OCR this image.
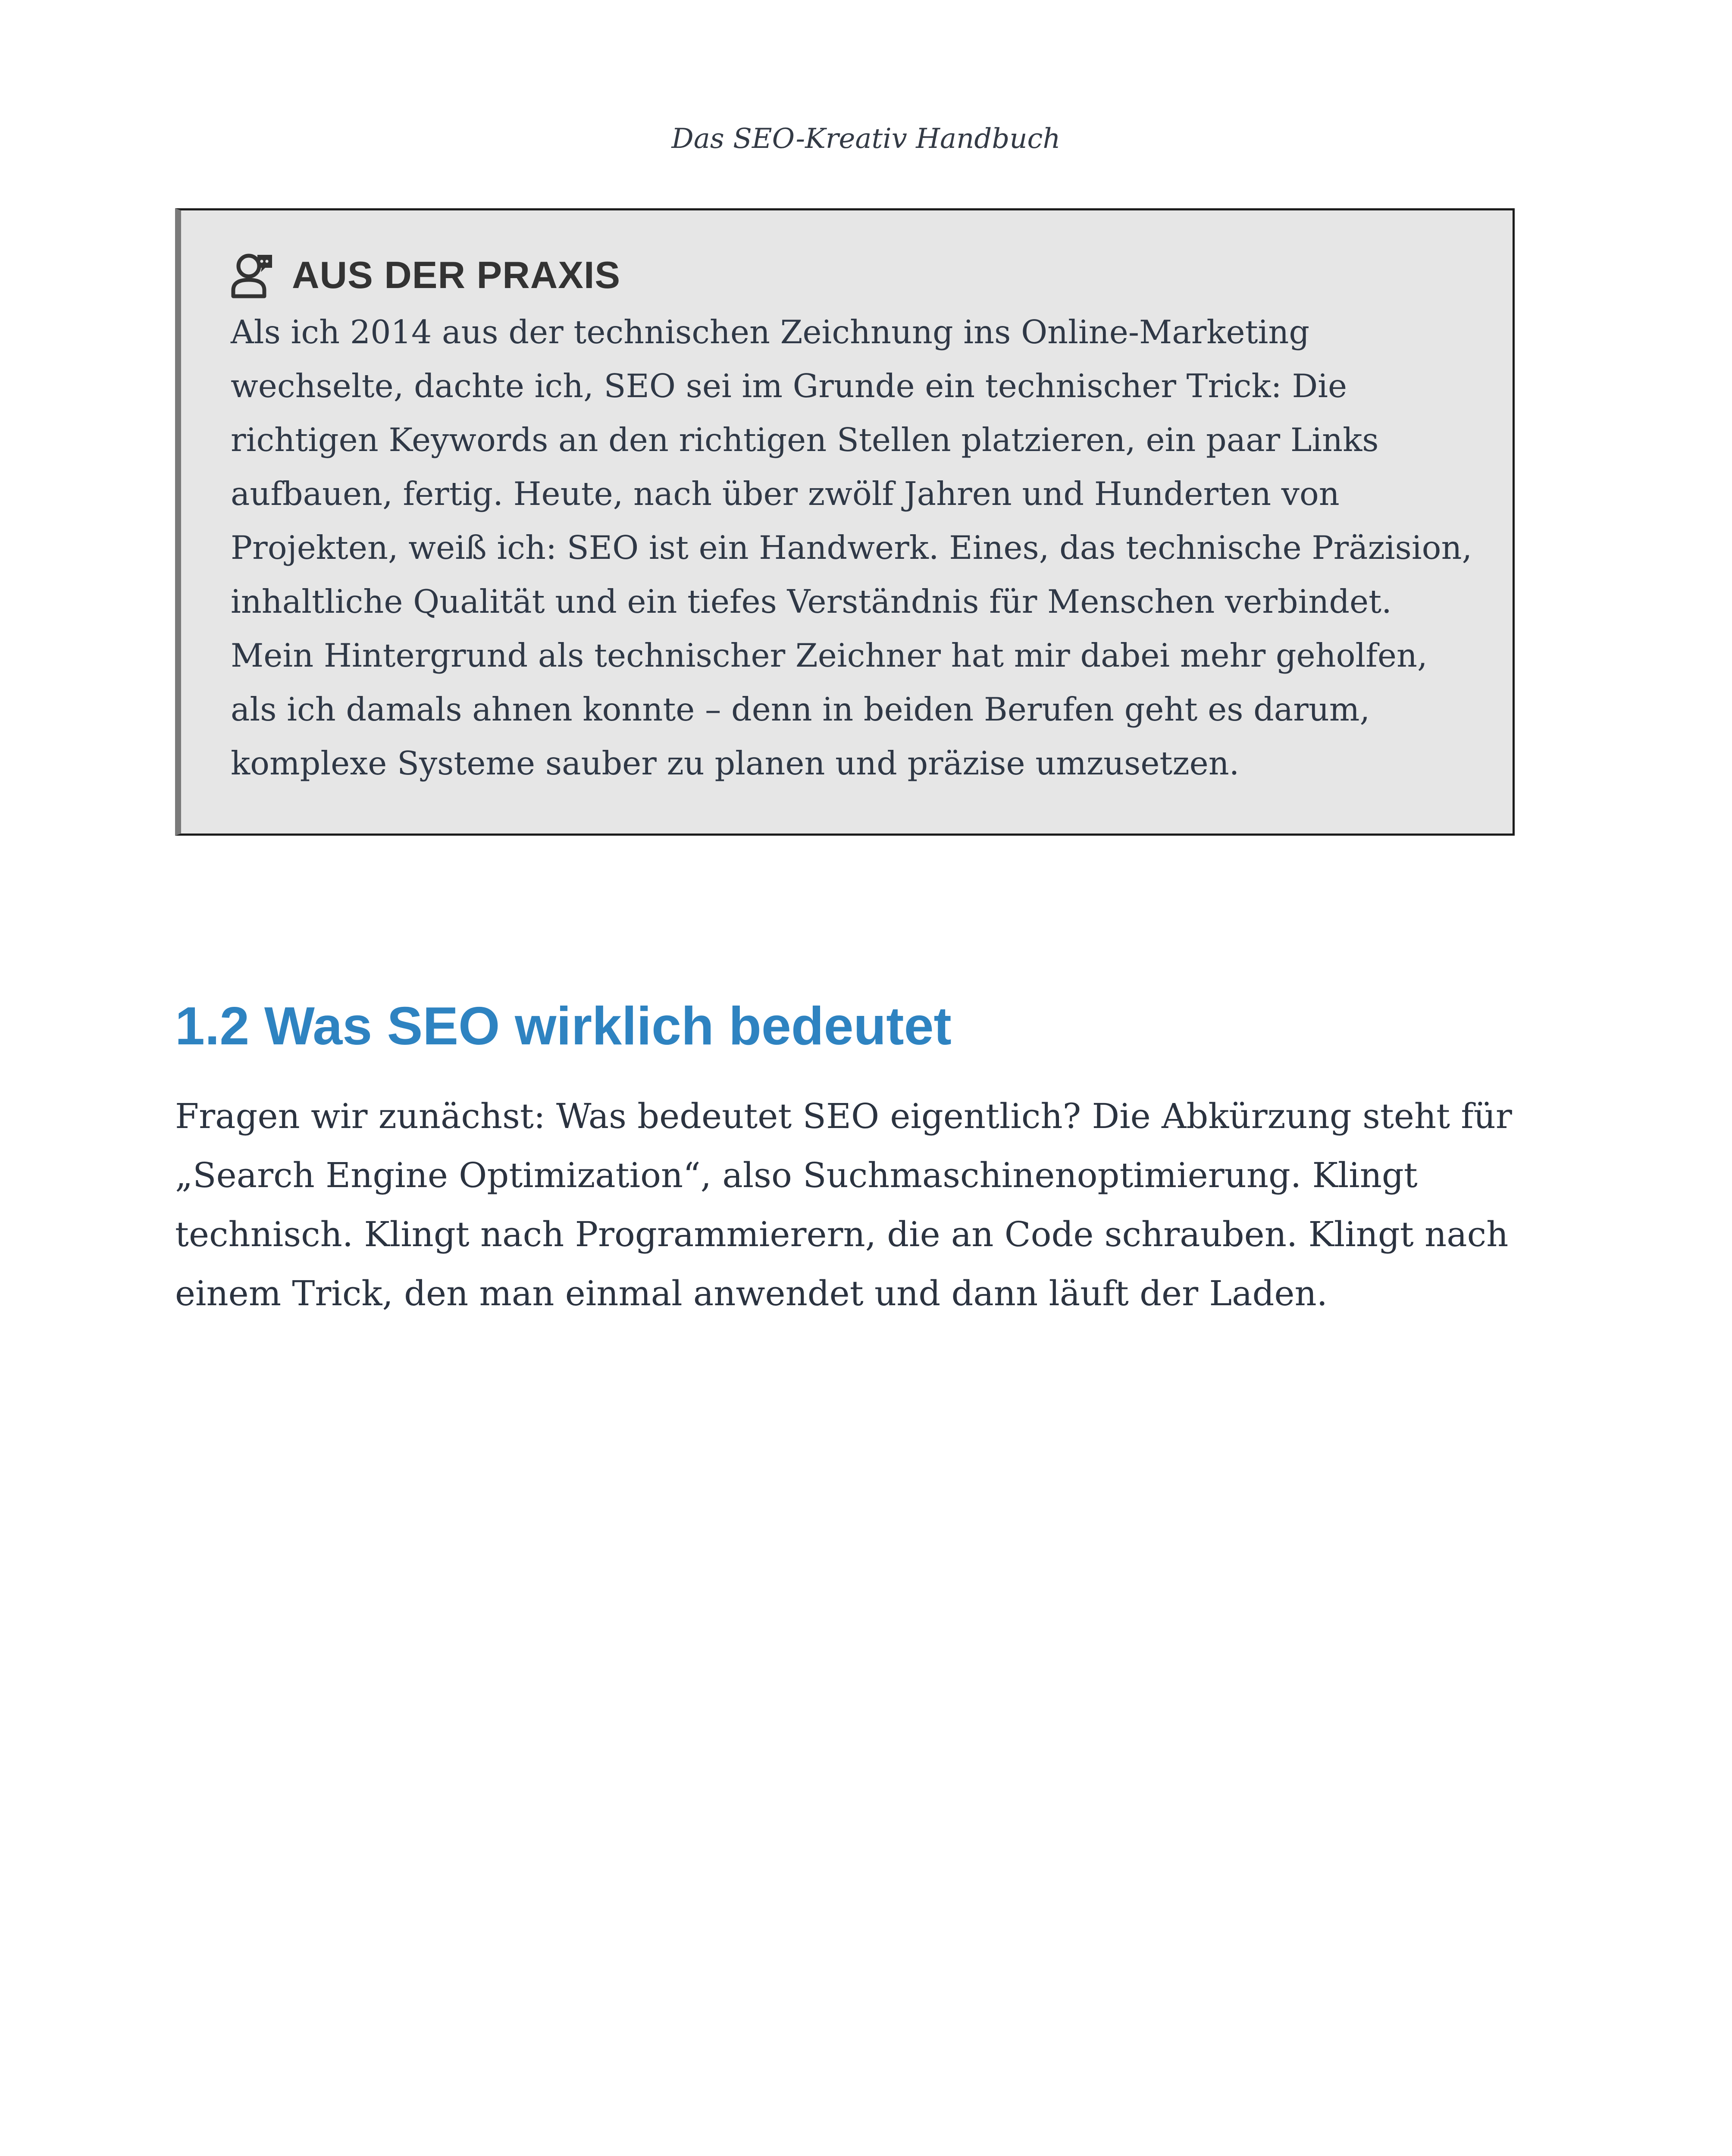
Das SEO-Kreativ Handbuch
AUS DER PRAXIS

Als ich 2014 aus der technischen Zeichnung ins Online-Marketing wechselte, dachte ich, SEO sei im Grunde ein technischer Trick: Die richtigen Keywords an den richtigen Stellen platzieren, ein paar Links aufbauen, fertig. Heute, nach über zwölf Jahren und Hunderten von Projekten, weiß ich: SEO ist ein Handwerk. Eines, das technische Präzision, inhaltliche Qualität und ein tiefes Verständnis für Menschen verbindet. Mein Hintergrund als technischer Zeichner hat mir dabei mehr geholfen, als ich damals ahnen konnte – denn in beiden Berufen geht es darum, komplexe Systeme sauber zu planen und präzise umzusetzen.

1.2 Was SEO wirklich bedeutet

Fragen wir zunächst: Was bedeutet SEO eigentlich? Die Abkürzung steht für „Search Engine Optimization“, also Suchmaschinenoptimierung. Klingt technisch. Klingt nach Programmierern, die an Code schrauben. Klingt nach einem Trick, den man einmal anwendet und dann läuft der Laden.
